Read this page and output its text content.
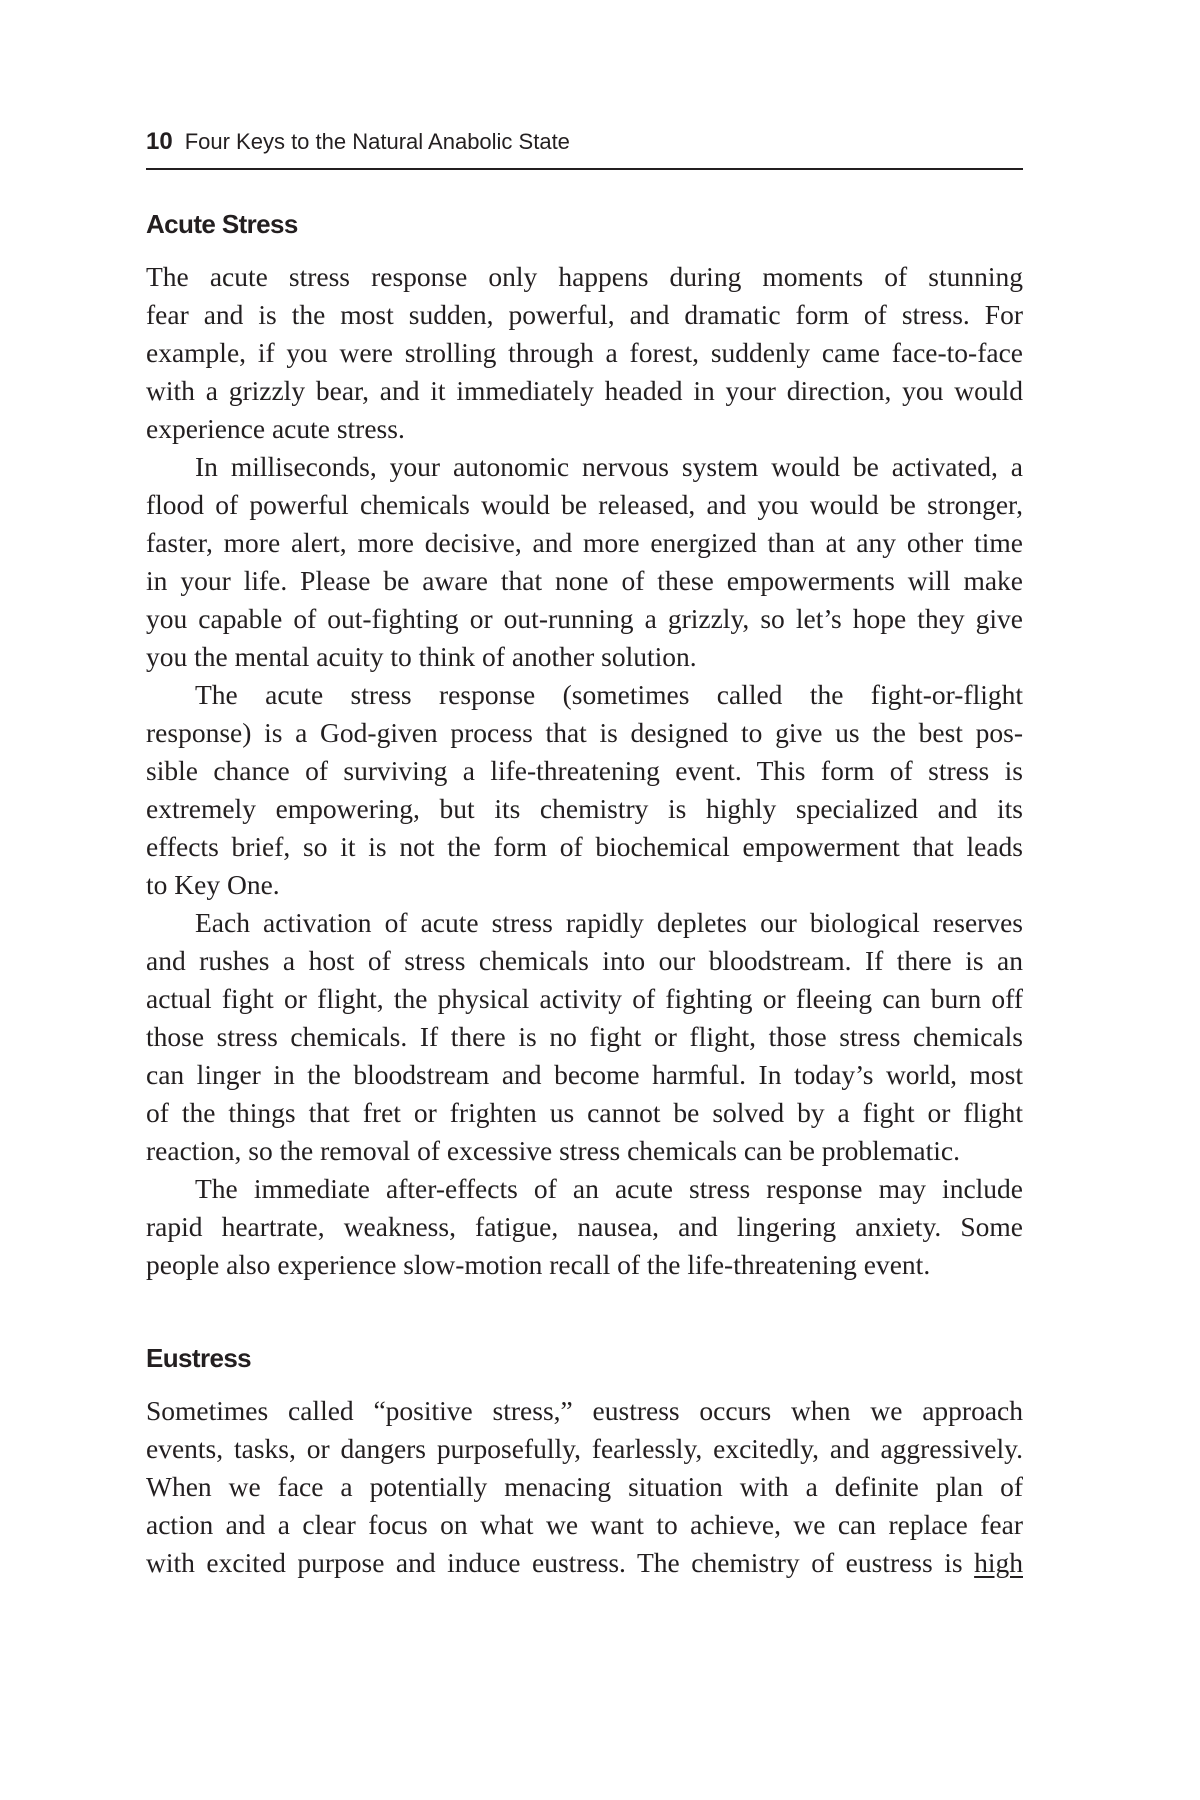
10 Four Keys to the Natural Anabolic State
Acute Stress
The acute stress response only happens during moments of stunning
fear and is the most sudden, powerful, and dramatic form of stress. For
example, if you were strolling through a forest, suddenly came face-to-face
with a grizzly bear, and it immediately headed in your direction, you would
experience acute stress.
In milliseconds, your autonomic nervous system would be activated, a
flood of powerful chemicals would be released, and you would be stronger,
faster, more alert, more decisive, and more energized than at any other time
in your life. Please be aware that none of these empowerments will make
you capable of out-fighting or out-running a grizzly, so let’s hope they give
you the mental acuity to think of another solution.
The acute stress response (sometimes called the fight-or-flight
response) is a God-given process that is designed to give us the best pos-
sible chance of surviving a life-threatening event. This form of stress is
extremely empowering, but its chemistry is highly specialized and its
effects brief, so it is not the form of biochemical empowerment that leads
to Key One.
Each activation of acute stress rapidly depletes our biological reserves
and rushes a host of stress chemicals into our bloodstream. If there is an
actual fight or flight, the physical activity of fighting or fleeing can burn off
those stress chemicals. If there is no fight or flight, those stress chemicals
can linger in the bloodstream and become harmful. In today’s world, most
of the things that fret or frighten us cannot be solved by a fight or flight
reaction, so the removal of excessive stress chemicals can be problematic.
The immediate after-effects of an acute stress response may include
rapid heartrate, weakness, fatigue, nausea, and lingering anxiety. Some
people also experience slow-motion recall of the life-threatening event.
Eustress
Sometimes called “positive stress,” eustress occurs when we approach
events, tasks, or dangers purposefully, fearlessly, excitedly, and aggressively.
When we face a potentially menacing situation with a definite plan of
action and a clear focus on what we want to achieve, we can replace fear
with excited purpose and induce eustress. The chemistry of eustress is high
